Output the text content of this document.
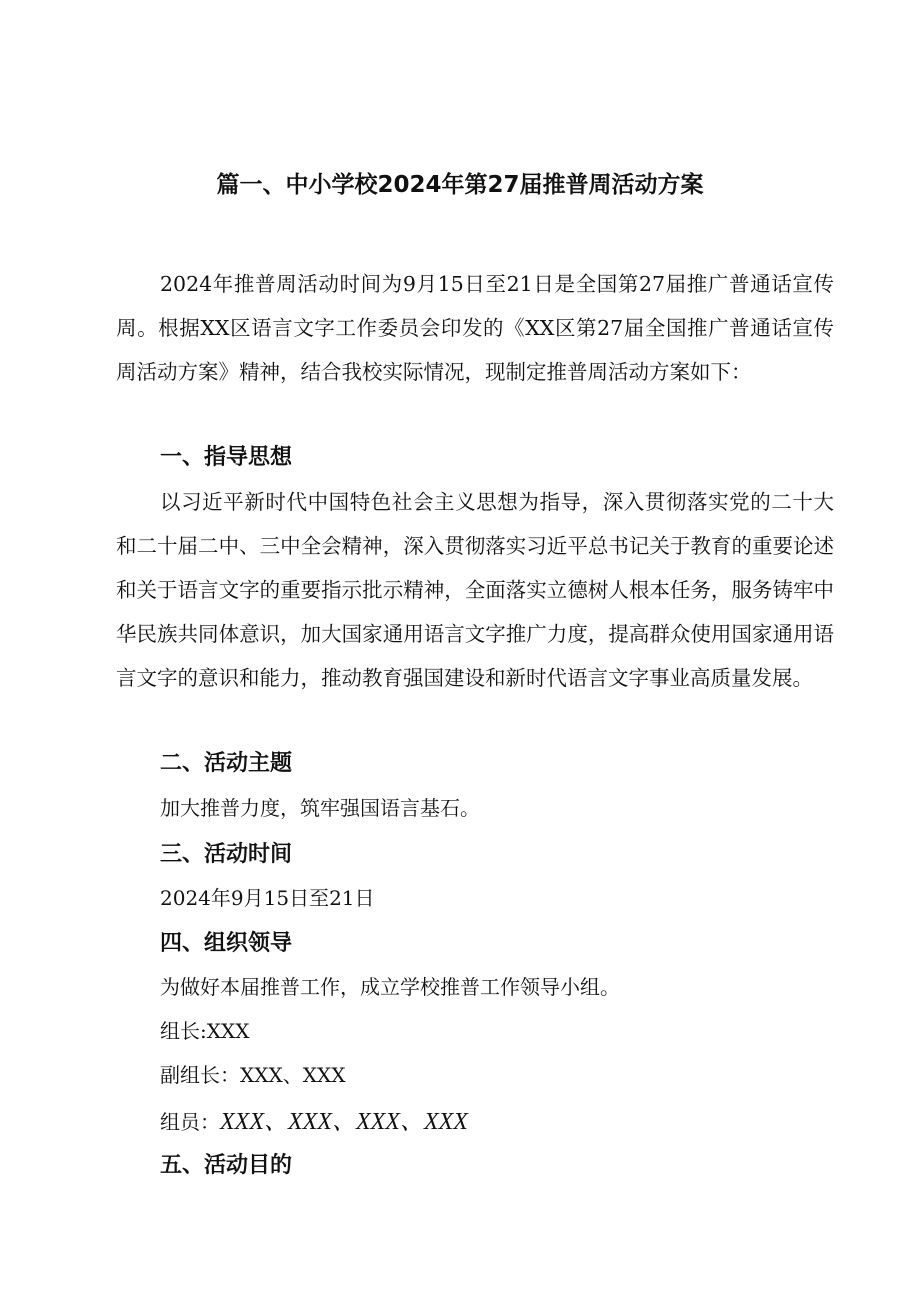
篇一、中小学校2024年第27届推普周活动方案
2024年推普周活动时间为9月15日至21日是全国第27届推广普通话宣传周。根据XX区语言文字工作委员会印发的《XX区第27届全国推广普通话宣传周活动方案》精神，结合我校实际情况，现制定推普周活动方案如下：
一、指导思想
以习近平新时代中国特色社会主义思想为指导，深入贯彻落实党的二十大和二十届二中、三中全会精神，深入贯彻落实习近平总书记关于教育的重要论述和关于语言文字的重要指示批示精神，全面落实立德树人根本任务，服务铸牢中华民族共同体意识，加大国家通用语言文字推广力度，提高群众使用国家通用语言文字的意识和能力，推动教育强国建设和新时代语言文字事业高质量发展。
二、活动主题
加大推普力度，筑牢强国语言基石。
三、活动时间
2024年9月15日至21日
四、组织领导
为做好本届推普工作，成立学校推普工作领导小组。
组长:XXX
副组长：XXX、XXX
组员：XXX、XXX、XXX、XXX
五、活动目的
